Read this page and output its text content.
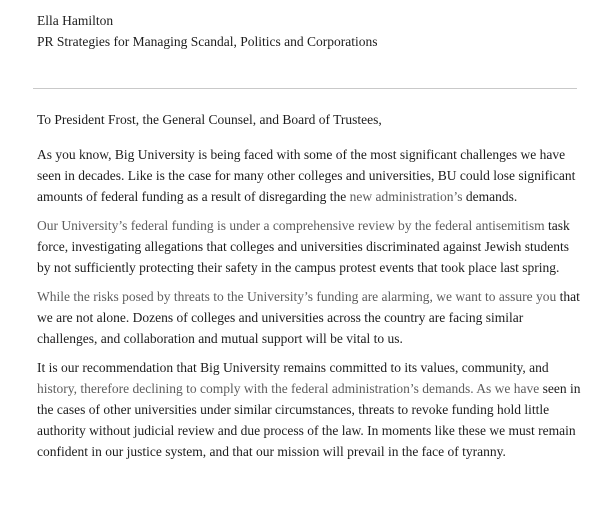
Ella Hamilton
PR Strategies for Managing Scandal, Politics and Corporations

To President Frost, the General Counsel, and Board of Trustees,

As you know, Big University is being faced with some of the most significant challenges we have seen in decades. Like is the case for many other colleges and universities, BU could lose significant amounts of federal funding as a result of disregarding the new administration’s demands.

Our University’s federal funding is under a comprehensive review by the federal antisemitism task force, investigating allegations that colleges and universities discriminated against Jewish students by not sufficiently protecting their safety in the campus protest events that took place last spring.

While the risks posed by threats to the University’s funding are alarming, we want to assure you that we are not alone. Dozens of colleges and universities across the country are facing similar challenges, and collaboration and mutual support will be vital to us.

It is our recommendation that Big University remains committed to its values, community, and history, therefore declining to comply with the federal administration’s demands. As we have seen in the cases of other universities under similar circumstances, threats to revoke funding hold little authority without judicial review and due process of the law. In moments like these we must remain confident in our justice system, and that our mission will prevail in the face of tyranny.
